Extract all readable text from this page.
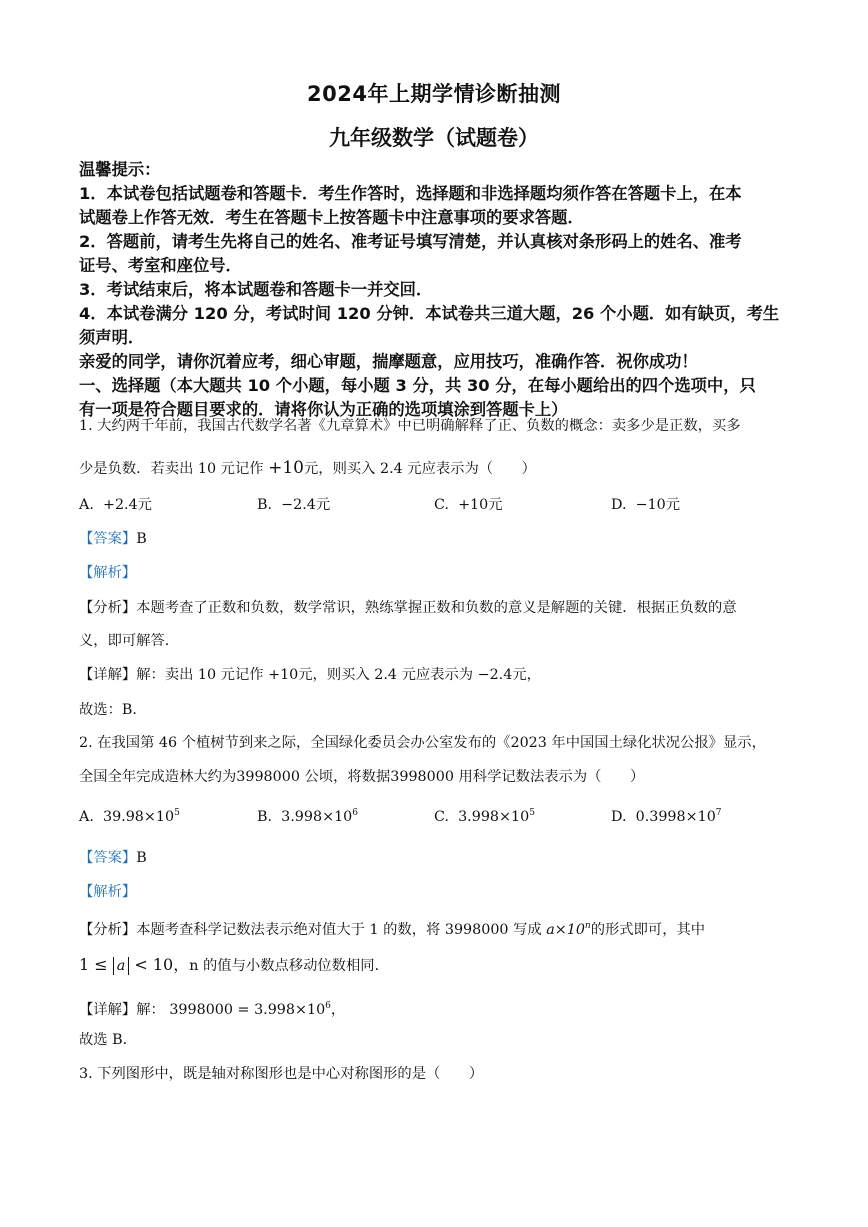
2024年上期学情诊断抽测
九年级数学（试题卷）
温馨提示：
1．本试卷包括试题卷和答题卡．考生作答时，选择题和非选择题均须作答在答题卡上，在本
试题卷上作答无效．考生在答题卡上按答题卡中注意事项的要求答题．
2．答题前，请考生先将自己的姓名、准考证号填写清楚，并认真核对条形码上的姓名、准考
证号、考室和座位号．
3．考试结束后，将本试题卷和答题卡一并交回．
4．本试卷满分 120 分，考试时间 120 分钟．本试卷共三道大题，26 个小题．如有缺页，考生
须声明．
亲爱的同学，请你沉着应考，细心审题，揣摩题意，应用技巧，准确作答．祝你成功！
一、选择题（本大题共 10 个小题，每小题 3 分，共 30 分，在每小题给出的四个选项中，只
有一项是符合题目要求的．请将你认为正确的选项填涂到答题卡上）
1. 大约两千年前，我国古代数学名著《九章算术》中已明确解释了正、负数的概念：卖多少是正数，买多
少是负数．若卖出 10 元记作 +10元，则买入 2.4 元应表示为（　　）
A. +2.4元	B. −2.4元	C. +10元	D. −10元
【答案】B
【解析】
【分析】本题考查了正数和负数，数学常识，熟练掌握正数和负数的意义是解题的关键．根据正负数的意
义，即可解答．
【详解】解：卖出 10 元记作 +10元，则买入 2.4 元应表示为 −2.4元，
故选：B．
2. 在我国第 46 个植树节到来之际，全国绿化委员会办公室发布的《2023 年中国国土绿化状况公报》显示，
全国全年完成造林大约为3998000 公顷，将数据3998000 用科学记数法表示为（　　）
A. $39.98\times 10^5$	B. $3.998\times 10^6$	C. $3.998\times 10^5$	D. $0.3998\times 10^7$
【答案】B
【解析】
【分析】本题考查科学记数法表示绝对值大于 1 的数，将 3998000 写成 $a\times 10^n$的形式即可，其中
1 ≤ a < 10，n 的值与小数点移动位数相同．
【详解】解： $3998000 = 3.998\times 10^6$，
故选 B．
3. 下列图形中，既是轴对称图形也是中心对称图形的是（　　）
